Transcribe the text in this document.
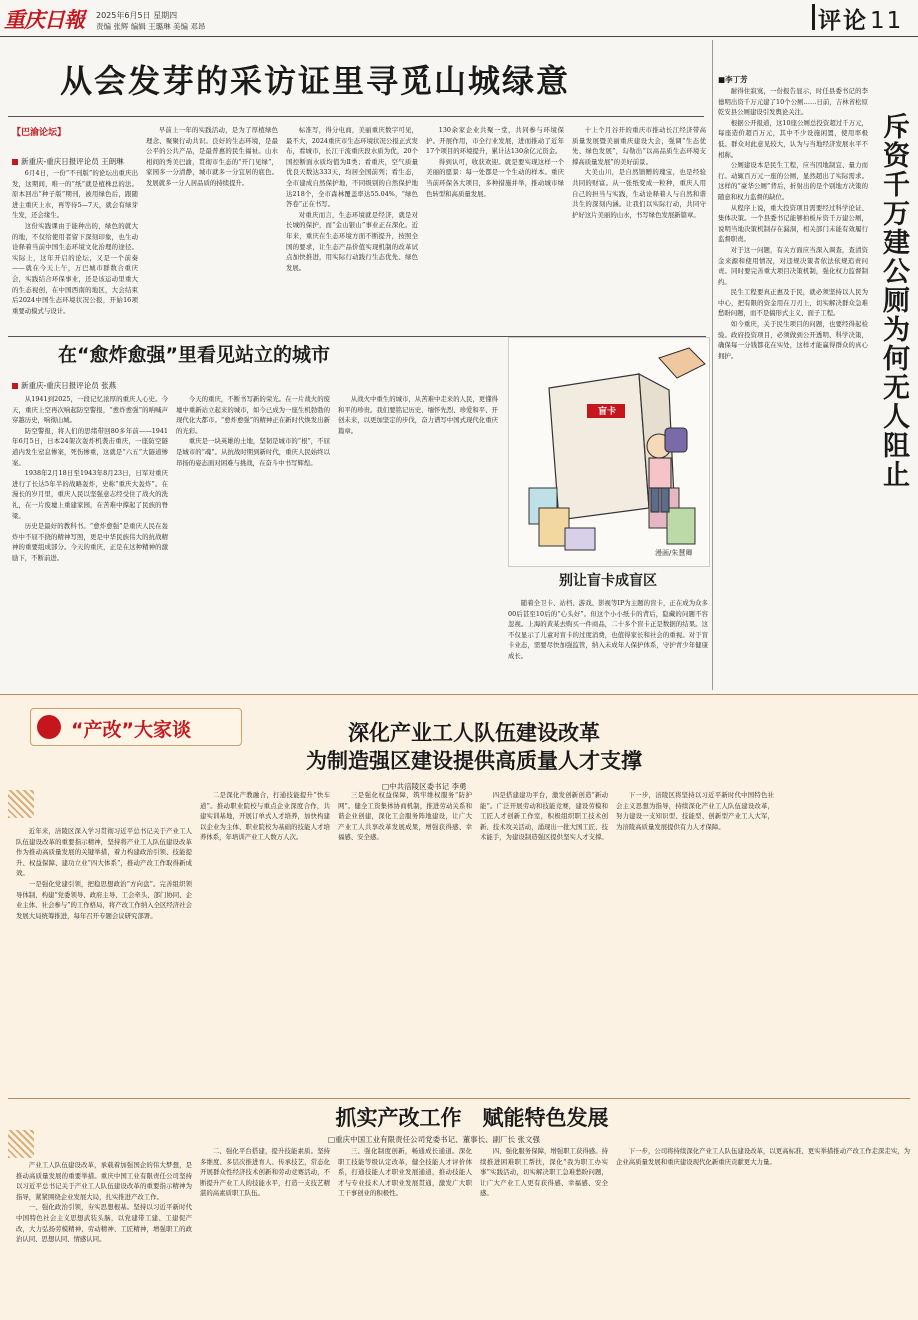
重庆日報 2025年6月5日 星期四
责编 张辉 编辑 王璐琳 美编 邓昂	评论11
从会发芽的采访证里寻觅山城绿意
【巴渝论坛】
新重庆-重庆日报评论员 王朗琳

6月4日，一份“不刊版”的论坛出重庆出发，这期间，唯一的“纸”就是植株总的法。原本回出“种子版”期刊，被用绿色后，跟随进主重庆上水，再等待5—7天，就会有绿芽生发，还会缘生。

这份实践课由于能种出的，绿色的就大的地，不仅给使用者留下深刻印象，也生动诠释着当前中国生态环境文化治理的途径。实际上，这年开启的论坛，又是一个前奏——就在今天上午，万巴城市群数合重庆会，实践结合环保事业，还是该运动里重大的生态视创，在中国西南的地区，大会结束后2024中国生态环境状况公报，开始16项重要动模式与设计。

早前上一年的实践活动，是为了厚植绿色理念、聚聚行动共识。良好的生态环境，是最公平的公共产品，是最普惠的民生福祉。山水相间的秀美巴渝，贯彻市生态的“开门见绿”，家园多一分清静，城市就多一分宜居的底色。发展就多一分人居品质的持续提升。

标准写，得分电商，美丽重庆数字可见，最不大，2024重庆市生态环境状况公报正式发布，看城市，长江干流重庆段水质为优，20个国控断面水质均值为Ⅱ类；看重庆，空气质量优良天数达333天，均居全国前列；看生态，全市建成自然保护地，不同级别的自然保护地达218个，全市森林覆盖率达55.04%，“绿色答卷”正在书写。

对重庆而言，生态环境就是经济，就是对长城的保护，而“金山银山”事业正在深化。近年来，重庆在生态环境方面不断提升，按照全国的要求，让生态产品价值实现机制的改革试点加快推进，用实际行动践行生态优先、绿色发展。

130余家企业共聚一堂，共同参与环境保护。开展作用，市全行业发展，进而推动了近年17个项目的环境提升，累计达130余亿元资金。

得到认可，收获欢迎。就是要实现这样一个美丽的愿景：每一处都是一个生动的样本。重庆当前环保各大项目，多种措施并举，推动城市绿色转型和高质量发展。

十上个月谷开的重庆市推动长江经济带高质量发展暨美丽重庆建设大会，强调“生态优先、绿色发展”，勾勒出“以高品质生态环境支撑高质量发展”的美好前景。

大美山川，是自然馈赠的瑰宝，也是经验共同的财富。从一张纸变成一粒种，重庆人用自己的担当与实践，生动诠释着人与自然和谐共生的深刻内涵。让我们以实际行动，共同守护好这片美丽的山水，书写绿色发展新篇章。

在“愈炸愈强”里看见站立的城市
新重庆-重庆日报评论员 张燕

从1941到2025，一段记忆浓厚的重庆人心史。今天，重庆上空再次响起防空警报，“愈炸愈强”的呐喊声穿越历史，响彻山城。

防空警报，将人们的思绪带回80多年前——1941年6月5日，日本24架次轰炸机袭击重庆，一座防空隧道内发生窒息惨案，死伤惨重，这就是“六五”大隧道惨案。

1938年2月18日至1943年8月23日，日军对重庆进行了长达5年半的战略轰炸，史称“重庆大轰炸”。在漫长的岁月里，重庆人民以坚强意志经受住了战火的洗礼，在一片废墟上重建家园，在苦难中撑起了民族的脊梁。

历史是最好的教科书。“愈炸愈强”是重庆人民在轰炸中不屈不挠的精神写照，更是中华民族伟大的抗战精神的重要组成部分。今天的重庆，正是在这种精神的激励下，不断前进。

今天的重庆，不断书写新的荣光。在一片战火的废墟中重新站立起来的城市，如今已成为一座生机勃勃的现代化大都市。“愈炸愈强”的精神正在新时代焕发出新的光彩。

重庆是一块英雄的土地，坚韧是城市的“根”，不屈是城市的“魂”。从抗战时期到新时代，重庆人民始终以昂扬的姿态面对困难与挑战，在奋斗中书写辉煌。

从战火中重生的城市，从苦难中走来的人民，更懂得和平的珍贵。我们要铭记历史、缅怀先烈、珍爱和平、开创未来，以更加坚定的步伐，奋力谱写中国式现代化重庆篇章。

盲卡
漫画/朱慧卿
别让盲卡成盲区
随着全卫卡、站档、游戏、影视等IP为主题的盲卡，正在成为众多00后甚至10后的“心头好”。但这个小小纸卡的背后，隐藏的问题不容忽视。上海的黄某去购买一件商品，二十多个盲卡正是数据的结果。这不仅显示了儿童对盲卡的过度消费，也值得家长和社会的重视。对于盲卡业态，需要尽快加强监管，纳入未成年人保护体系，守护青少年健康成长。
■李丁芳

耐得住寂寞，一份报告显示，时任县委书记的李德明出资千万元建了10个公厕……日前，吉林省松原乾安县公厕建设引发舆论关注。

根据公开报道，这10座公厕总投资超过千万元，每座造价超百万元，其中不少设施闲置，使用率极低。群众对此意见较大，认为与当地经济发展水平不相称。

公厕建设本是民生工程，应当因地制宜、量力而行。动辄百万元一座的公厕，显然超出了实际需求。这样的“豪华公厕”背后，折射出的是个别地方决策的随意和权力监督的缺位。

从程序上说，重大投资项目需要经过科学论证、集体决策。一个县委书记能够拍板斥资千万建公厕，说明当地决策机制存在漏洞，相关部门未能有效履行监督职责。

对于这一问题，有关方面应当深入调查，查清资金来源和使用情况，对违规决策者依法依规追责问责。同时要完善重大项目决策机制，强化权力监督制约。

民生工程要真正惠及于民，就必须坚持以人民为中心，把有限的资金用在刀刃上，切实解决群众急难愁盼问题，而不是搞形式主义、面子工程。

如今重庆，关于民生项目的问题，也要经得起检验。政府投资项目，必须做到公开透明、科学决策，确保每一分钱都花在实处，这样才能赢得群众的真心拥护。	斥资千万建公厕为何无人阻止
“产改”大家谈	深化产业工人队伍建设改革
为制造强区建设提供高质量人才支撑
□中共涪陵区委书记 李勇

近年来，涪陵区深入学习贯彻习近平总书记关于产业工人队伍建设改革的重要指示精神，坚持将产业工人队伍建设改革作为推动高质量发展的关键举措，着力构建政治引领、技能提升、权益保障、建功立业“四大体系”，推动产改工作取得新成效。

一是强化党建引领，把稳思想政治“方向盘”。完善组织领导体制，构建“党委领导、政府主导、工会牵头、部门协同、企业主体、社会参与”的工作格局，将产改工作纳入全区经济社会发展大局统筹推进，每年召开专题会议研究部署。

二是深化产教融合，打通技能提升“快车道”。推动职业院校与重点企业深度合作，共建实训基地，开展订单式人才培养，加快构建以企业为主体、职业院校为基础的技能人才培养体系，年培训产业工人数万人次。

三是强化权益保障，筑牢维权服务“防护网”。健全工资集体协商机制，推进劳动关系和谐企业创建，深化工会服务阵地建设，让广大产业工人共享改革发展成果，增强获得感、幸福感、安全感。

四是搭建建功平台，激发创新创造“新动能”。广泛开展劳动和技能竞赛，建设劳模和工匠人才创新工作室，积极组织职工技术创新、技术攻关活动，涌现出一批大国工匠、技术能手，为建设制造强区提供坚实人才支撑。

下一步，涪陵区将坚持以习近平新时代中国特色社会主义思想为指导，持续深化产业工人队伍建设改革，努力建设一支知识型、技能型、创新型产业工人大军，为涪陵高质量发展提供有力人才保障。

抓实产改工作　赋能特色发展
□重庆中国工业有限责任公司党委书记、董事长、副厂长 张文强

产业工人队伍建设改革，承载着加强国企的伟大梦想，是推动高质量发展的重要举措。重庆中国工业有限责任公司坚持以习近平总书记关于产业工人队伍建设改革的重要指示精神为指导，紧紧围绕企业发展大局，扎实推进产改工作。

一、强化政治引领，夯实思想根基。坚持以习近平新时代中国特色社会主义思想武装头脑，以党建带工建、工建促产改，大力弘扬劳模精神、劳动精神、工匠精神，增强职工的政治认同、思想认同、情感认同。

二、强化平台搭建，提升技能素质。坚持多维度、多层次推进育人、传承技艺，常态化开展群众性经济技术创新和劳动竞赛活动，不断提升产业工人的技能水平，打造一支技艺精湛的高素质职工队伍。

三、强化制度创新，畅通成长通道。深化职工技能等级认定改革，健全技能人才评价体系，打通技能人才职业发展通道，推动技能人才与专业技术人才职业发展贯通，激发广大职工干事创业的积极性。

四、强化服务保障，增强职工获得感。持续推进困难职工帮扶，深化“我为职工办实事”实践活动，切实解决职工急难愁盼问题，让广大产业工人更有获得感、幸福感、安全感。

下一步，公司将持续深化产业工人队伍建设改革，以更高标准、更实举措推动产改工作走深走实，为企业高质量发展和重庆建设现代化新重庆贡献更大力量。
